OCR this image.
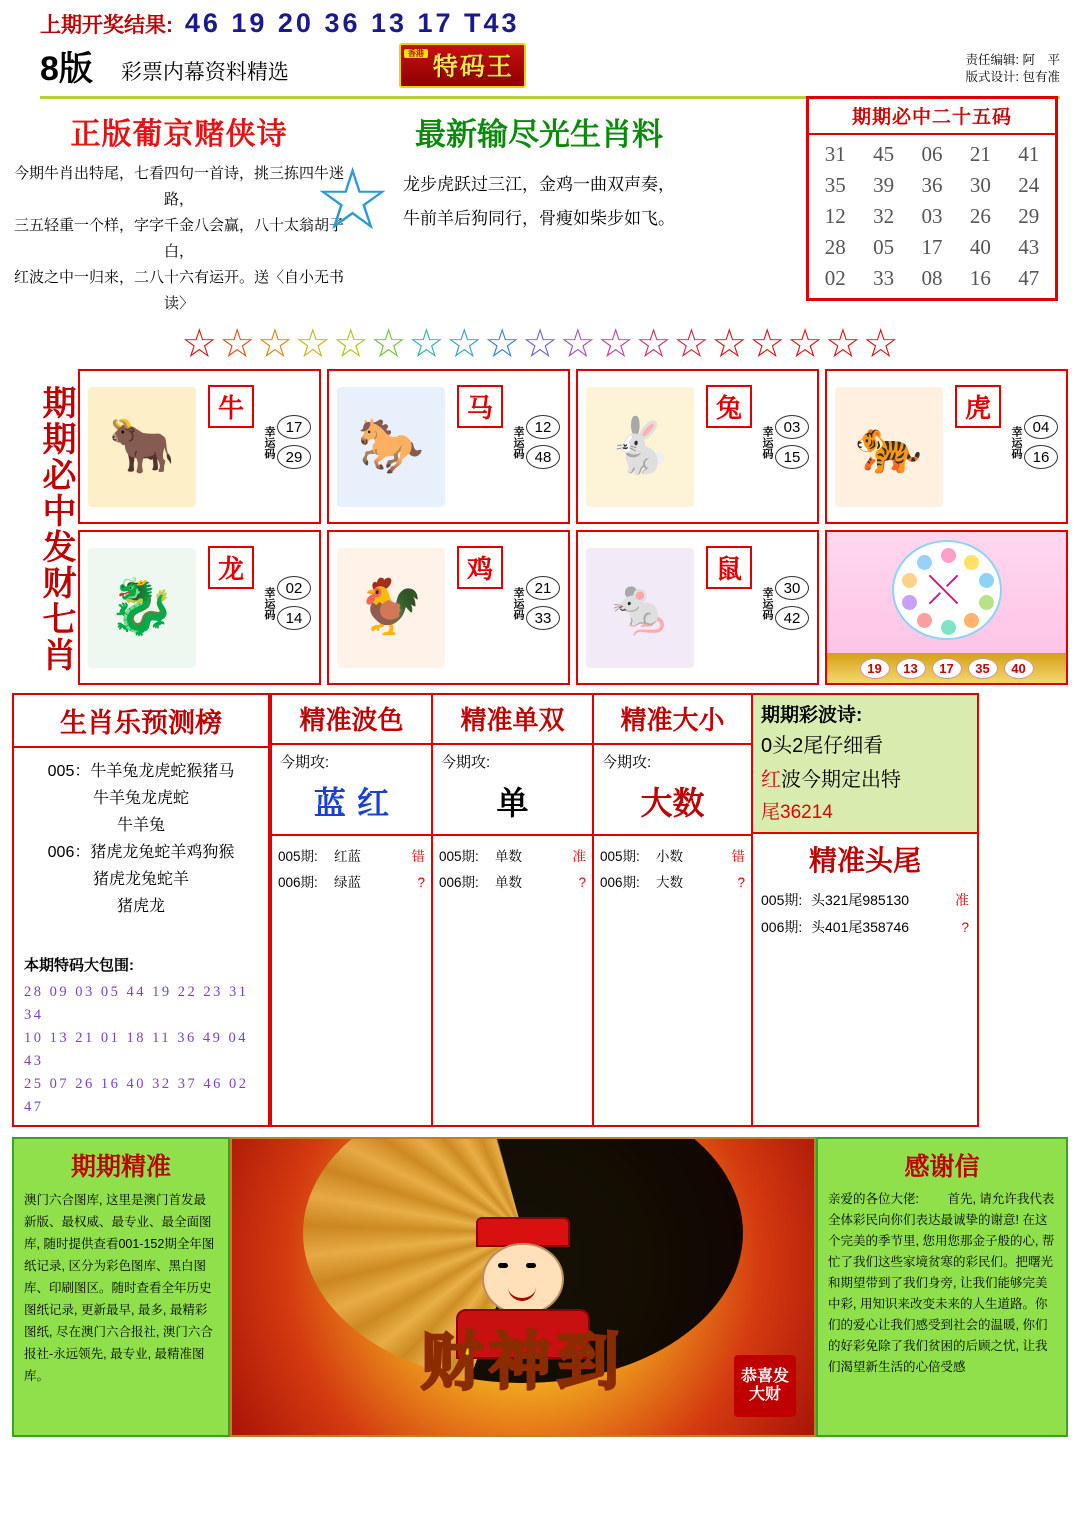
上期开奖结果: 46 19 20 36 13 17 T43
8版 彩票内幕资料精选
香港 特码王	责任编辑: 阿　平
版式设计: 包有准
正版葡京赌侠诗
今期牛肖出特尾，七看四句一首诗，挑三拣四牛迷路，
三五轻重一个样，字字千金八会赢，八十太翁胡子白，
红波之中一归来，二八十六有运开。送〈自小无书读〉
☆
最新输尽光生肖料
龙步虎跃过三江，金鸡一曲双声奏，
牛前羊后狗同行，骨瘦如柴步如飞。
期期必中二十五码
31	45	06	21	41
35	39	36	30	24
12	32	03	26	29
28	05	17	40	43
02	33	08	16	47
☆ ☆ ☆ ☆ ☆ ☆ ☆ ☆ ☆ ☆ ☆ ☆ ☆ ☆ ☆ ☆ ☆ ☆ ☆
期期必中发财七肖 🐂
牛
幸运码 17
29	🐎
马
幸运码 12
48	🐇
兔
幸运码 03
15	🐅
虎
幸运码 04
16
🐉
龙
幸运码 02
14	🐓
鸡
幸运码 21
33	🐁
鼠
幸运码 30
42
⤬
19	13	17	35	40
生肖乐预测榜
005：牛羊兔龙虎蛇猴猪马
牛羊兔龙虎蛇
牛羊兔
006：猪虎龙兔蛇羊鸡狗猴
猪虎龙兔蛇羊
猪虎龙
本期特码大包围:
28 09 03 05 44 19 22 23 31 34
10 13 21 01 18 11 36 49 04 43
25 07 26 16 40 32 37 46 02 47
精准波色
今期攻:
蓝 红
005期:	红蓝	错
006期:	绿蓝	?
精准单双
今期攻:
单
005期:	单数	准
006期:	单数	?
精准大小
今期攻:
大数
005期:	小数	错
006期:	大数	?
期期彩波诗:
0头2尾仔细看
红波今期定出特
尾36214
精准头尾
005期: 头321尾985130	准
006期: 头401尾358746	?
期期精准
澳门六合图库, 这里是澳门首发最新版、最权威、最专业、最全面图库, 随时提供查看001-152期全年图纸记录, 区分为彩色图库、黑白图库、印刷图区。随时查看全年历史图纸记录, 更新最早, 最多, 最精彩图纸, 尽在澳门六合报社, 澳门六合报社-永远领先, 最专业, 最精准图库。	财神到	恭喜发大财
感谢信
亲爱的各位大佬: 　　首先, 请允许我代表全体彩民向你们表达最诚挚的谢意! 在这个完美的季节里, 您用您那金子般的心, 帮忙了我们这些家境贫寒的彩民们。把曙光和期望带到了我们身旁, 让我们能够完美中彩, 用知识来改变未来的人生道路。你们的爱心让我们感受到社会的温暖, 你们的好彩免除了我们贫困的后顾之忧, 让我们渴望新生活的心倍受感
